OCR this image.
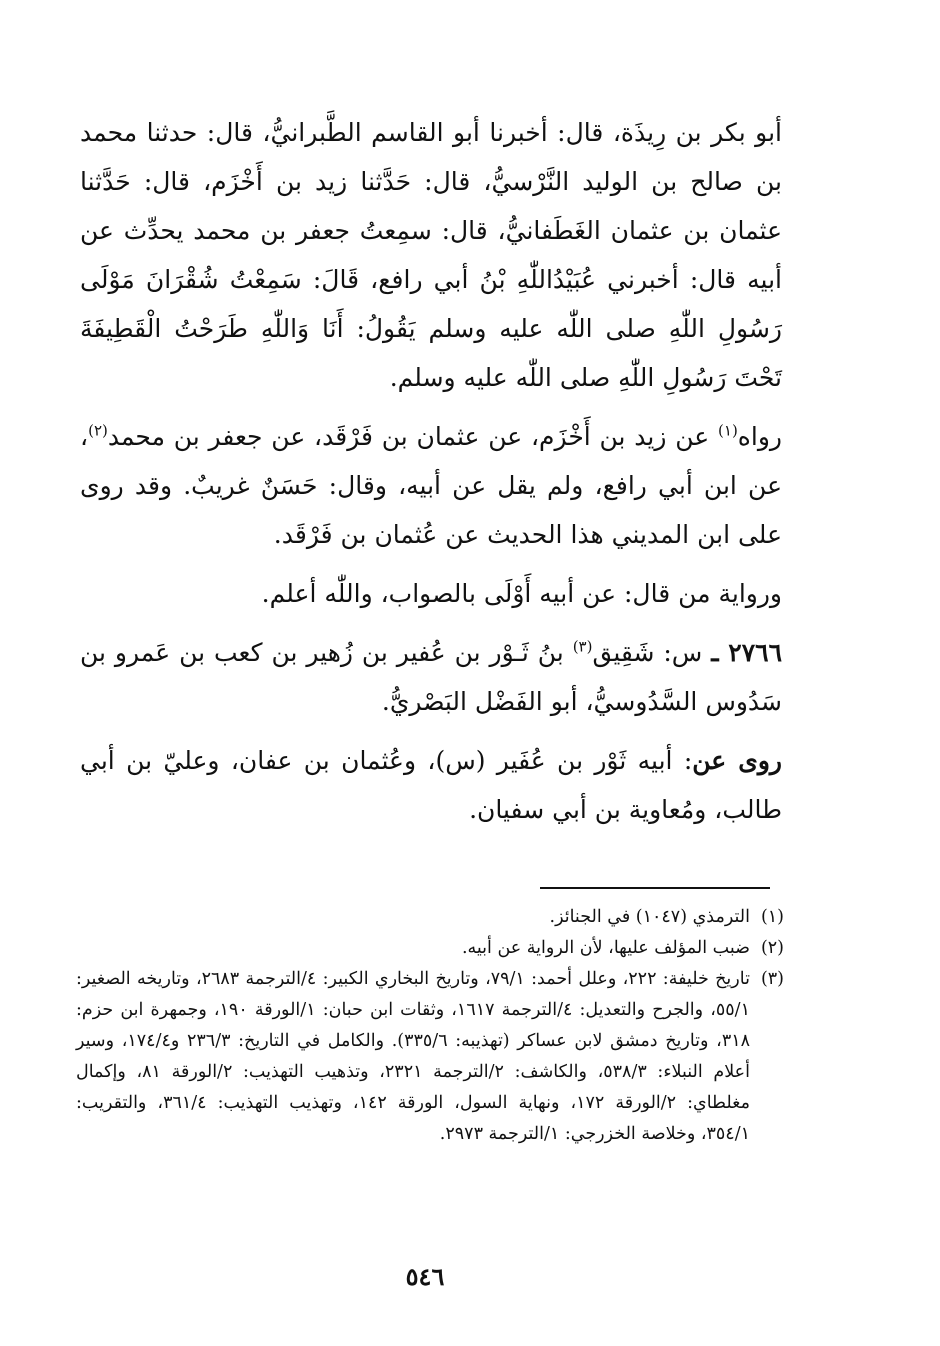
أبو بكر بن رِيذَة، قال: أخبرنا أبو القاسم الطَّبرانيُّ، قال: حدثنا محمد بن صالح بن الوليد النَّرْسيُّ، قال: حَدَّثنا زيد بن أَخْزَم، قال: حَدَّثنا عثمان بن عثمان الغَطَفانيُّ، قال: سمِعتُ جعفر بن محمد يحدِّث عن أبيه قال: أخبرني عُبَيْدُاللّٰهِ بْنُ أبي رافع، قَالَ: سَمِعْتُ شُقْرَانَ مَوْلَى رَسُولِ اللّٰهِ صلى اللّٰه عليه وسلم يَقُولُ: أَنَا وَاللّٰهِ طَرَحْتُ الْقَطِيفَةَ تَحْتَ رَسُولِ اللّٰهِ صلى اللّٰه عليه وسلم.

رواه$^{(١)}$ عن زيد بن أَخْزَم، عن عثمان بن فَرْقَد، عن جعفر بن محمد$^{(٢)}$، عن ابن أبي رافع، ولم يقل عن أبيه، وقال: حَسَنٌ غريبٌ. وقد روى على ابن المديني هذا الحديث عن عُثمان بن فَرْقَد.

ورواية من قال: عن أبيه أَوْلَى بالصواب، واللّٰه أعلم.

٢٧٦٦ ـ س: شَقِيق$^{(٣)}$ بنُ ثَـوْر بن عُفير بن زُهير بن كعب بن عَمرو بن سَدُوس السَّدُوسيُّ، أبو الفَضْل البَصْريُّ.

روى عن: أبيه ثَوْر بن عُفَير (س)، وعُثمان بن عفان، وعليّ بن أبي طالب، ومُعاوية بن أبي سفيان.

(١)
الترمذي (١٠٤٧) في الجنائز.
(٢)
ضبب المؤلف عليها، لأن الرواية عن أبيه.
(٣)
تاريخ خليفة: ٢٢٢، وعلل أحمد: ٧٩/١، وتاريخ البخاري الكبير: ٤/الترجمة ٢٦٨٣، وتاريخه الصغير: ٥٥/١، والجرح والتعديل: ٤/الترجمة ١٦١٧، وثقات ابن حبان: ١/الورقة ١٩٠، وجمهرة ابن حزم: ٣١٨، وتاريخ دمشق لابن عساكر (تهذيبه: ٣٣٥/٦). والكامل في التاريخ: ٢٣٦/٣ و١٧٤/٤، وسير أعلام النبلاء: ٥٣٨/٣، والكاشف: ٢/الترجمة ٢٣٢١، وتذهيب التهذيب: ٢/الورقة ٨١، وإكمال مغلطاي: ٢/الورقة ١٧٢، ونهاية السول، الورقة ١٤٢، وتهذيب التهذيب: ٣٦١/٤، والتقريب: ٣٥٤/١، وخلاصة الخزرجي: ١/الترجمة ٢٩٧٣.
٥٤٦
